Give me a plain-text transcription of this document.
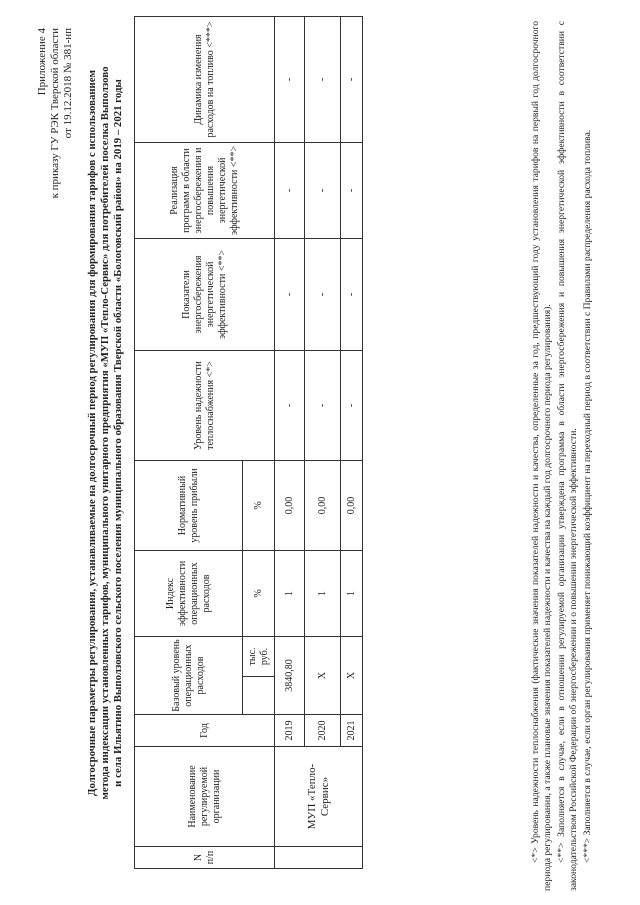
Приложение 4 к приказу ГУ РЭК Тверской области от 19.12.2018 № 381-нп Долгосрочные параметры регулирования, устанавливаемые на долгосрочный период регулирования для формирования тарифов с использованием метода индексации установленных тарифов, муниципального унитарного предприятия «МУП «Тепло-Сервис» для потребителей поселка Выползово и села Ильятино Выползовского сельского поселения муниципального образования Тверской области «Бологовский район» на 2019 – 2021 годы
N п/п	Наименование регулируемой организации	Год	Базовый уровень операционных расходов		Индекс эффективности операционных расходов	Нормативный уровень прибыли	Уровень надежности теплоснабжения <*>	Показатели энергосбережения энергетической эффективности <**>	Реализация программ в области энергосбережения и повышения энергетической эффективности <**>	Динамика изменения расходов на топливо <***>
				тыс. руб.	%	%				
	МУП «Тепло-Сервис»	2019	3840,80		1	0,00	-	-	-	-
		2020	X		1	0,00	-	-	-	-
		2021	X		1	0,00	-	-	-	-	<*> Уровень надежности теплоснабжения (фактические значения показателей надежности и качества, определенные за год, предшествующий году установления тарифов на первый год долгосрочного периода регулирования, а также плановые значения показателей надежности и качества на каждый год долгосрочного периода регулирования). <**> Заполняется в случае, если в отношении регулируемой организации утверждена программа в области энергосбережения и повышения энергетической эффективности в соответствии с законодательством Российской Федерации об энергосбережении и о повышении энергетической эффективности. <***> Заполняется в случае, если орган регулирования применяет понижающий коэффициент на переходный период в соответствии с Правилами распределения расхода топлива.
